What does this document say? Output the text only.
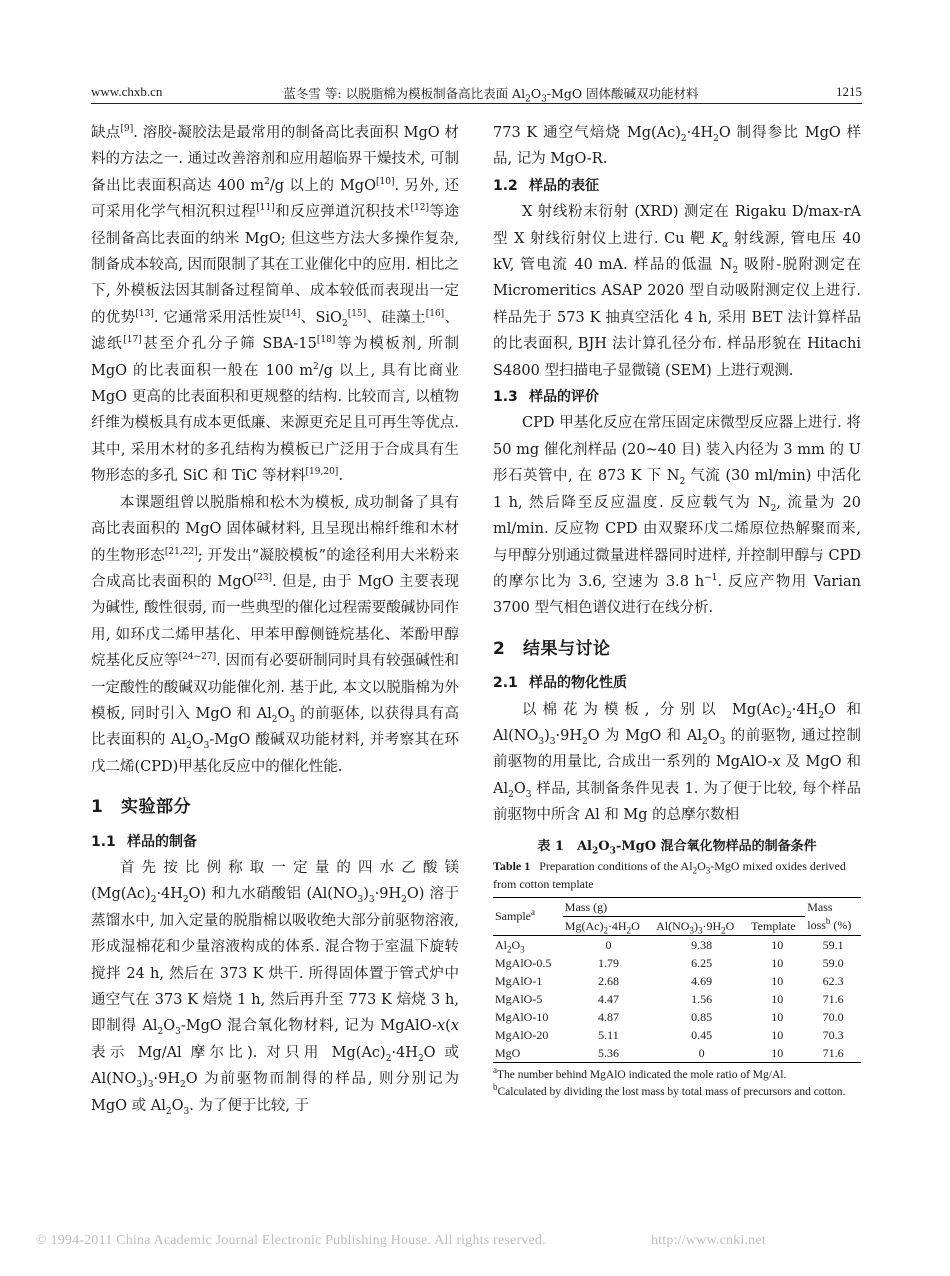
www.chxb.cn	蓝冬雪 等: 以脱脂棉为模板制备高比表面 $Al_2O_3$-MgO 固体酸碱双功能材料	1215

缺点[9]. 溶胶-凝胶法是最常用的制备高比表面积 MgO 材料的方法之一. 通过改善溶剂和应用超临界干燥技术, 可制备出比表面积高达 400 $m^2/g$ 以上的 MgO[10]. 另外, 还可采用化学气相沉积过程[11]和反应弹道沉积技术[12]等途径制备高比表面的纳米 MgO; 但这些方法大多操作复杂, 制备成本较高, 因而限制了其在工业催化中的应用. 相比之下, 外模板法因其制备过程简单、成本较低而表现出一定的优势[13]. 它通常采用活性炭[14]、SiO$_2$[15]、硅藻土[16]、滤纸[17]甚至介孔分子筛 SBA-15[18]等为模板剂, 所制 MgO 的比表面积一般在 100 $m^2/g$ 以上, 具有比商业 MgO 更高的比表面积和更规整的结构. 比较而言, 以植物纤维为模板具有成本更低廉、来源更充足且可再生等优点. 其中, 采用木材的多孔结构为模板已广泛用于合成具有生物形态的多孔 SiC 和 TiC 等材料[19,20].

本课题组曾以脱脂棉和松木为模板, 成功制备了具有高比表面积的 MgO 固体碱材料, 且呈现出棉纤维和木材的生物形态[21,22]; 开发出“凝胶模板”的途径利用大米粉来合成高比表面积的 MgO[23]. 但是, 由于 MgO 主要表现为碱性, 酸性很弱, 而一些典型的催化过程需要酸碱协同作用, 如环戊二烯甲基化、甲苯甲醇侧链烷基化、苯酚甲醇烷基化反应等[24~27]. 因而有必要研制同时具有较强碱性和一定酸性的酸碱双功能催化剂. 基于此, 本文以脱脂棉为外模板, 同时引入 MgO 和 $Al_2O_3$ 的前驱体, 以获得具有高比表面积的 $Al_2O_3$-MgO 酸碱双功能材料, 并考察其在环戊二烯(CPD)甲基化反应中的催化性能.

1 实验部分
1.1 样品的制备

首先按比例称取一定量的四水乙酸镁 $(Mg(Ac)_2\cdot 4H_2O)$ 和九水硝酸铝 $(Al(NO_3)_3\cdot 9H_2O)$ 溶于蒸馏水中, 加入定量的脱脂棉以吸收绝大部分前驱物溶液, 形成湿棉花和少量溶液构成的体系. 混合物于室温下旋转搅拌 24 h, 然后在 373 K 烘干. 所得固体置于管式炉中通空气在 373 K 焙烧 1 h, 然后再升至 773 K 焙烧 3 h, 即制得 $Al_2O_3$-MgO 混合氧化物材料, 记为 MgAlO-x(x 表示 Mg/Al 摩尔比). 对只用 $Mg(Ac)_2\cdot 4H_2O$ 或 $Al(NO_3)_3\cdot 9H_2O$ 为前驱物而制得的样品, 则分别记为 MgO 或 $Al_2O_3$. 为了便于比较, 于

773 K 通空气焙烧 $Mg(Ac)_2\cdot 4H_2O$ 制得参比 MgO 样品, 记为 MgO-R.

1.2 样品的表征

X 射线粉末衍射 (XRD) 测定在 Rigaku D/max-rA 型 X 射线衍射仪上进行. Cu 靶 $K_\alpha$ 射线源, 管电压 40 kV, 管电流 40 mA. 样品的低温 $N_2$ 吸附-脱附测定在 Micromeritics ASAP 2020 型自动吸附测定仪上进行. 样品先于 573 K 抽真空活化 4 h, 采用 BET 法计算样品的比表面积, BJH 法计算孔径分布. 样品形貌在 Hitachi S4800 型扫描电子显微镜 (SEM) 上进行观测.

1.3 样品的评价

CPD 甲基化反应在常压固定床微型反应器上进行. 将 50 mg 催化剂样品 (20~40 目) 装入内径为 3 mm 的 U 形石英管中, 在 873 K 下 $N_2$ 气流 (30 ml/min) 中活化 1 h, 然后降至反应温度. 反应载气为 $N_2$, 流量为 20 ml/min. 反应物 CPD 由双聚环戊二烯原位热解聚而来, 与甲醇分别通过微量进样器同时进样, 并控制甲醇与 CPD 的摩尔比为 3.6, 空速为 3.8 $h^{-1}$. 反应产物用 Varian 3700 型气相色谱仪进行在线分析.

2 结果与讨论
2.1 样品的物化性质

以棉花为模板, 分别以 $Mg(Ac)_2\cdot 4H_2O$ 和 $Al(NO_3)_3\cdot 9H_2O$ 为 MgO 和 $Al_2O_3$ 的前驱物, 通过控制前驱物的用量比, 合成出一系列的 MgAlO-x 及 MgO 和 $Al_2O_3$ 样品, 其制备条件见表 1. 为了便于比较, 每个样品前驱物中所含 Al 和 Mg 的总摩尔数相

表 1　$Al_2O_3$-MgO 混合氧化物样品的制备条件
Table 1 Preparation conditions of the $Al_2O_3$-MgO mixed oxides derived from cotton template
Sample$^a$	Mass (g)			Mass
	$Mg(Ac)_2\cdot 4H_2O$	$Al(NO_3)_3\cdot 9H_2O$	Template	loss$^b$ (%)
$Al_2O_3$	0	9.38	10	59.1
MgAlO-0.5	1.79	6.25	10	59.0
MgAlO-1	2.68	4.69	10	62.3
MgAlO-5	4.47	1.56	10	71.6
MgAlO-10	4.87	0.85	10	70.0
MgAlO-20	5.11	0.45	10	70.3
MgO	5.36	0	10	71.6
$^a$The number behind MgAlO indicated the mole ratio of Mg/Al.
$^b$Calculated by dividing the lost mass by total mass of precursors and cotton.
© 1994-2011 China Academic Journal Electronic Publishing House. All rights reserved.	http://www.cnki.net
